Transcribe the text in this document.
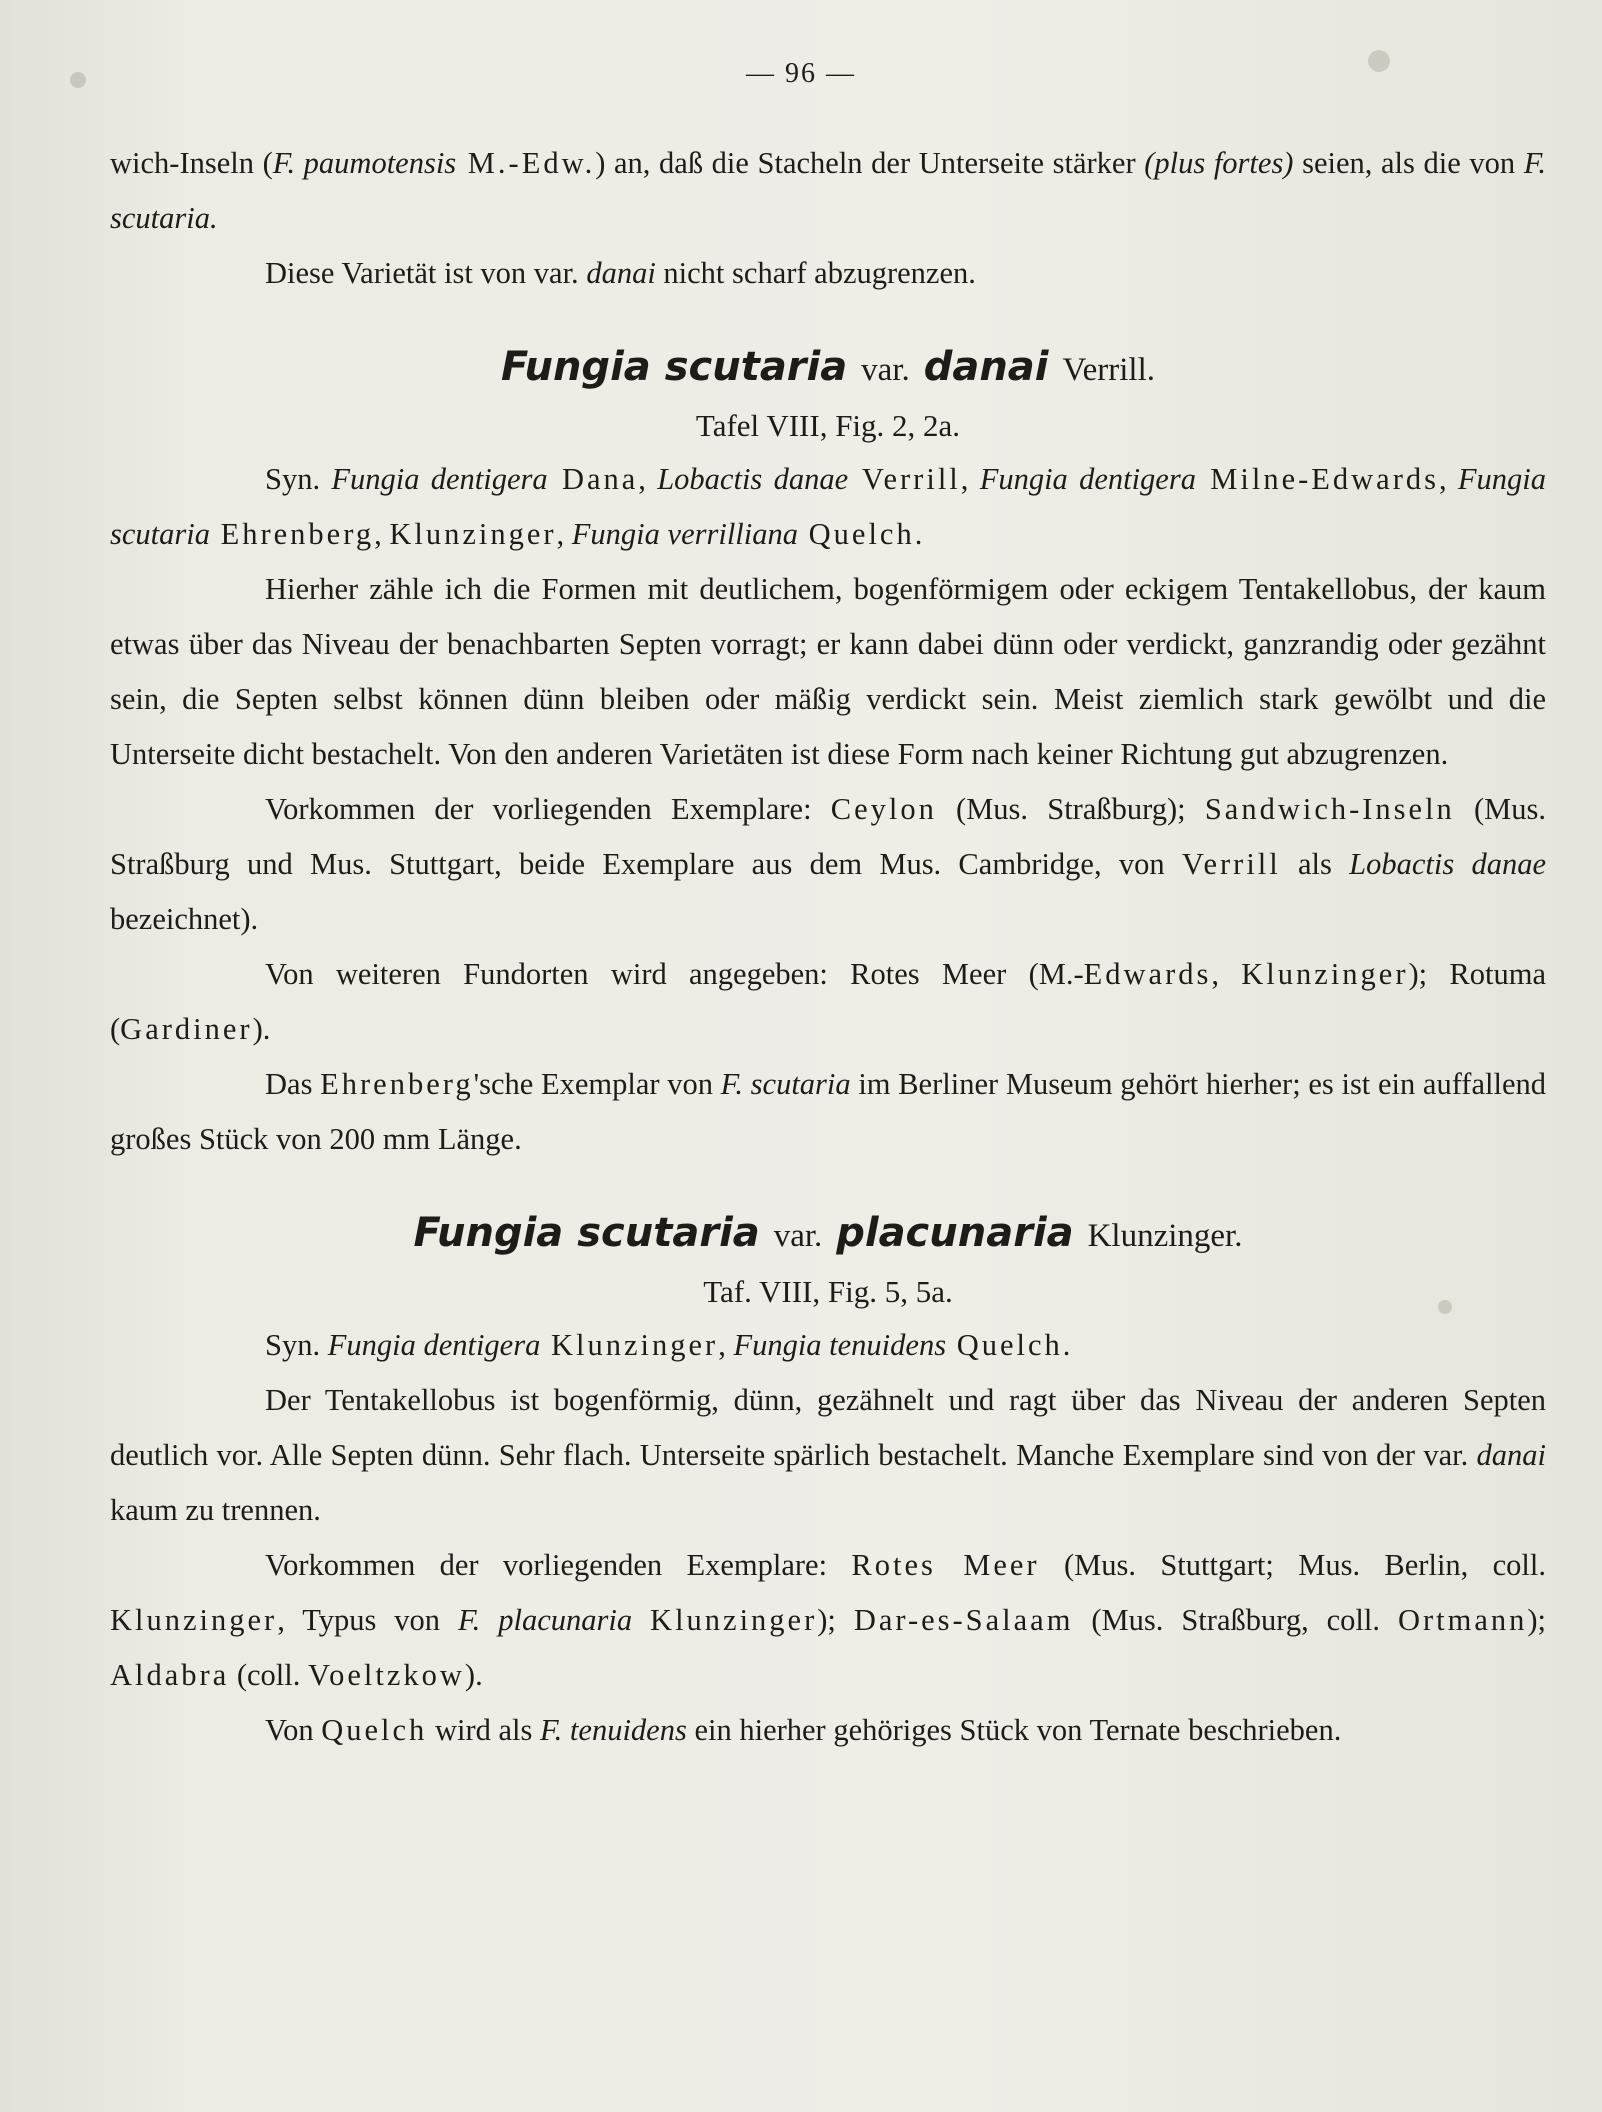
— 96 —

wich-Inseln (F. paumotensis M.-Edw.) an, daß die Stacheln der Unterseite stärker (plus fortes) seien, als die von F. scutaria.

Diese Varietät ist von var. danai nicht scharf abzugrenzen.

Fungia scutaria var. danai Verrill.
Tafel VIII, Fig. 2, 2a.

Syn. Fungia dentigera Dana, Lobactis danae Verrill, Fungia dentigera Milne-Edwards, Fungia scutaria Ehrenberg, Klunzinger, Fungia verrilliana Quelch.

Hierher zähle ich die Formen mit deutlichem, bogenförmigem oder eckigem Tentakellobus, der kaum etwas über das Niveau der benachbarten Septen vorragt; er kann dabei dünn oder verdickt, ganzrandig oder gezähnt sein, die Septen selbst können dünn bleiben oder mäßig verdickt sein. Meist ziemlich stark gewölbt und die Unterseite dicht bestachelt. Von den anderen Varietäten ist diese Form nach keiner Richtung gut abzugrenzen.

Vorkommen der vorliegenden Exemplare: Ceylon (Mus. Straßburg); Sandwich-Inseln (Mus. Straßburg und Mus. Stuttgart, beide Exemplare aus dem Mus. Cambridge, von Verrill als Lobactis danae bezeichnet).

Von weiteren Fundorten wird angegeben: Rotes Meer (M.-Edwards, Klunzinger); Rotuma (Gardiner).

Das Ehrenberg'sche Exemplar von F. scutaria im Berliner Museum gehört hierher; es ist ein auffallend großes Stück von 200 mm Länge.

Fungia scutaria var. placunaria Klunzinger.
Taf. VIII, Fig. 5, 5a.

Syn. Fungia dentigera Klunzinger, Fungia tenuidens Quelch.

Der Tentakellobus ist bogenförmig, dünn, gezähnelt und ragt über das Niveau der anderen Septen deutlich vor. Alle Septen dünn. Sehr flach. Unterseite spärlich bestachelt. Manche Exemplare sind von der var. danai kaum zu trennen.

Vorkommen der vorliegenden Exemplare: Rotes Meer (Mus. Stuttgart; Mus. Berlin, coll. Klunzinger, Typus von F. placunaria Klunzinger); Dar-es-Salaam (Mus. Straßburg, coll. Ortmann); Aldabra (coll. Voeltzkow).

Von Quelch wird als F. tenuidens ein hierher gehöriges Stück von Ternate beschrieben.
